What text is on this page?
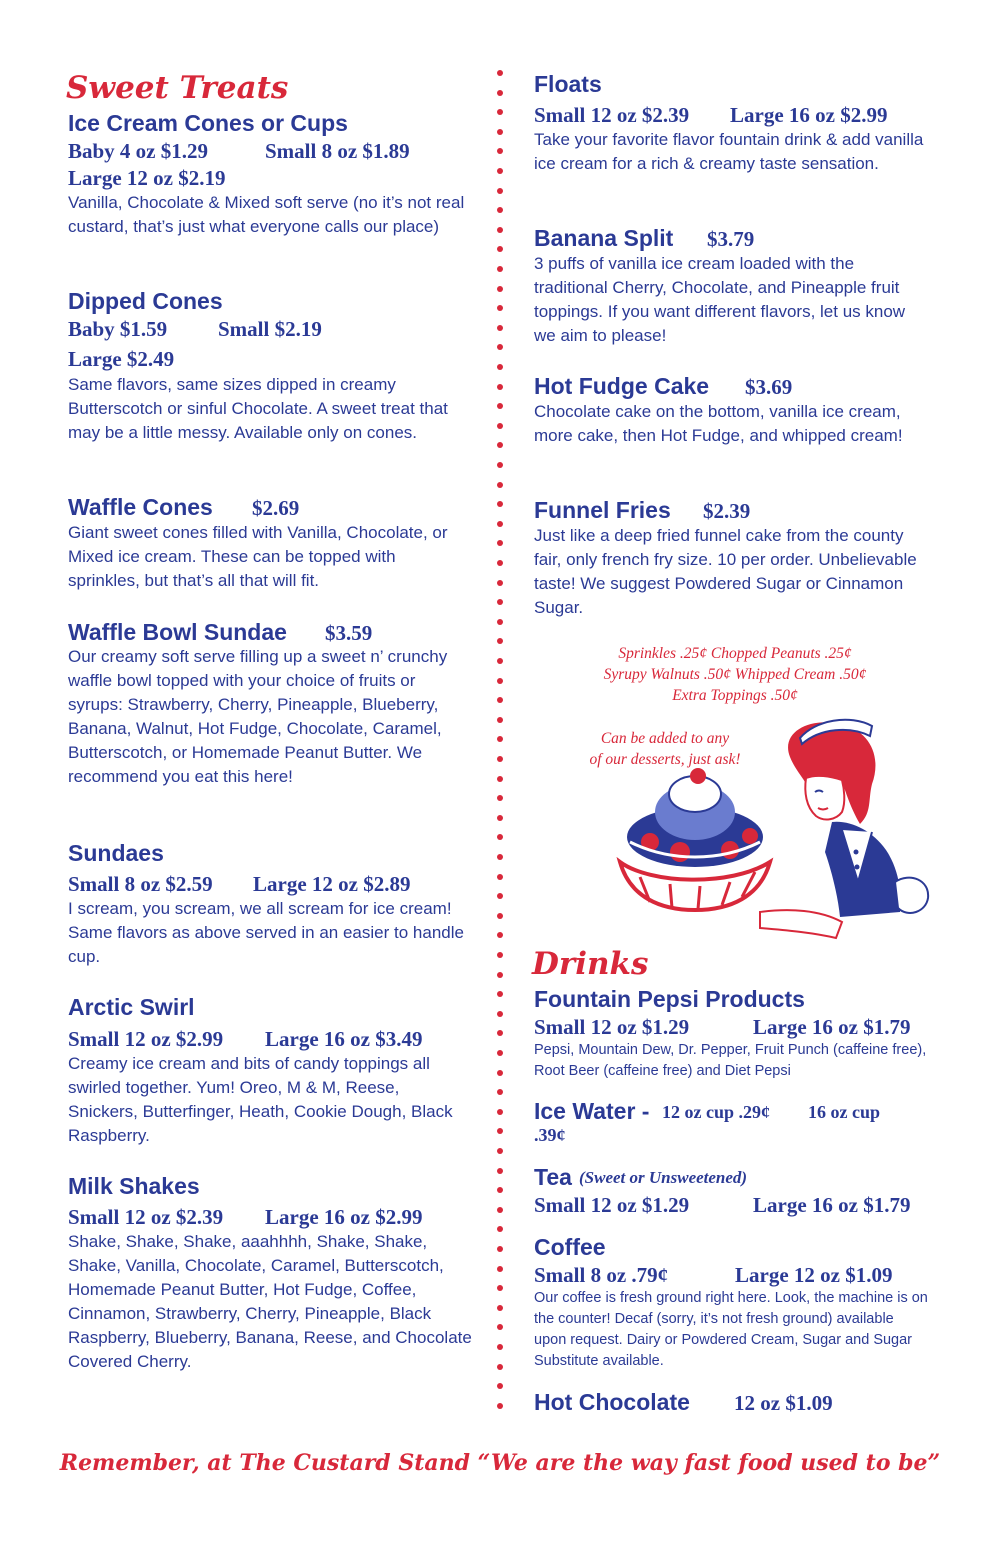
Sweet Treats
Ice Cream Cones or Cups
Baby 4 oz $1.29	Small 8 oz $1.89
Large 12 oz $2.19
Vanilla, Chocolate & Mixed soft serve (no it’s not real custard, that’s just what everyone calls our place)
Dipped Cones
Baby $1.59 Small $2.19
Large $2.49
Same flavors, same sizes dipped in creamy Butterscotch or sinful Chocolate. A sweet treat that may be a little messy. Available only on cones.
Waffle Cones $2.69
Giant sweet cones filled with Vanilla, Chocolate, or Mixed ice cream. These can be topped with sprinkles, but that’s all that will fit.
Waffle Bowl Sundae $3.59
Our creamy soft serve filling up a sweet n’ crunchy waffle bowl topped with your choice of fruits or syrups: Strawberry, Cherry, Pineapple, Blueberry, Banana, Walnut, Hot Fudge, Chocolate, Caramel, Butterscotch, or Homemade Peanut Butter. We recommend you eat this here!
Sundaes
Small 8 oz $2.59 Large 12 oz $2.89
I scream, you scream, we all scream for ice cream! Same flavors as above served in an easier to handle cup.
Arctic Swirl
Small 12 oz $2.99 Large 16 oz $3.49
Creamy ice cream and bits of candy toppings all swirled together. Yum! Oreo, M & M, Reese, Snickers, Butterfinger, Heath, Cookie Dough, Black Raspberry.
Milk Shakes
Small 12 oz $2.39 Large 16 oz $2.99
Shake, Shake, Shake, aaahhhh, Shake, Shake, Shake, Vanilla, Chocolate, Caramel, Butterscotch, Homemade Peanut Butter, Hot Fudge, Coffee, Cinnamon, Strawberry, Cherry, Pineapple, Black Raspberry, Blueberry, Banana, Reese, and Chocolate Covered Cherry.
Floats
Small 12 oz $2.39 Large 16 oz $2.99
Take your favorite flavor fountain drink & add vanilla ice cream for a rich & creamy taste sensation.
Banana Split $3.79
3 puffs of vanilla ice cream loaded with the traditional Cherry, Chocolate, and Pineapple fruit toppings. If you want different flavors, let us know we aim to please!
Hot Fudge Cake $3.69
Chocolate cake on the bottom, vanilla ice cream, more cake, then Hot Fudge, and whipped cream!
Funnel Fries $2.39
Just like a deep fried funnel cake from the county fair, only french fry size. 10 per order. Unbelievable taste! We suggest Powdered Sugar or Cinnamon Sugar.
Sprinkles .25¢ Chopped Peanuts .25¢
Syrupy Walnuts .50¢ Whipped Cream .50¢
Extra Toppings .50¢
Can be added to any
of our desserts, just ask!
Drinks
Fountain Pepsi Products
Small 12 oz $1.29	Large 16 oz $1.79
Pepsi, Mountain Dew, Dr. Pepper, Fruit Punch (caffeine free), Root Beer (caffeine free) and Diet Pepsi
Ice Water - 12 oz cup .29¢ 16 oz cup
.39¢
Tea (Sweet or Unsweetened)
Small 12 oz $1.29	Large 16 oz $1.79
Coffee
Small 8 oz .79¢	Large 12 oz $1.09
Our coffee is fresh ground right here. Look, the machine is on the counter! Decaf (sorry, it’s not fresh ground) available upon request. Dairy or Powdered Cream, Sugar and Sugar Substitute available.
Hot Chocolate 12 oz $1.09
Remember, at The Custard Stand “We are the way fast food used to be”
